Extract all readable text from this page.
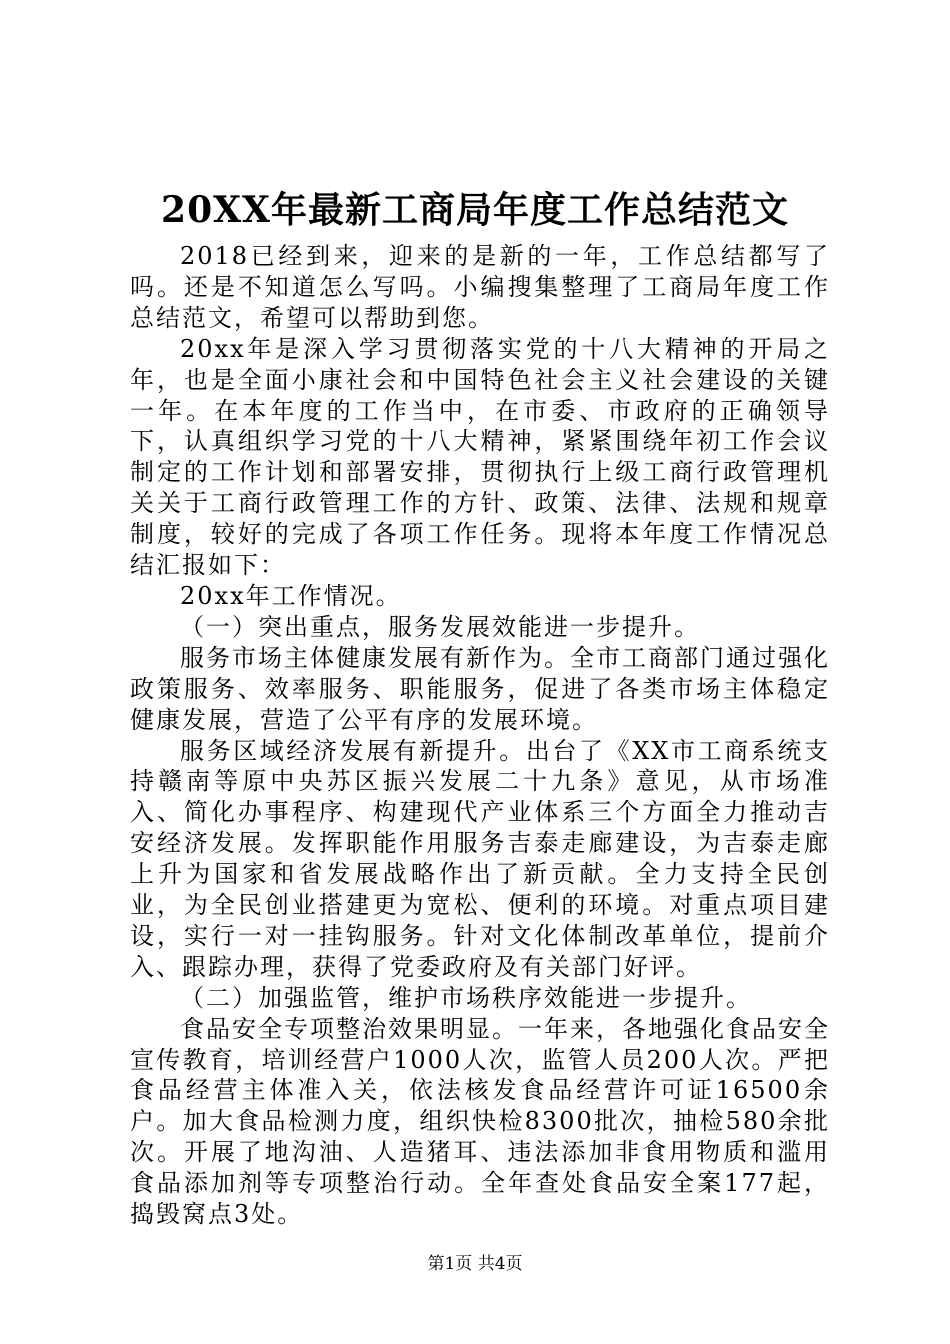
20XX年最新工商局年度工作总结范文

2018已经到来，迎来的是新的一年，工作总结都写了吗。还是不知道怎么写吗。小编搜集整理了工商局年度工作总结范文，希望可以帮助到您。

20xx年是深入学习贯彻落实党的十八大精神的开局之年，也是全面小康社会和中国特色社会主义社会建设的关键一年。在本年度的工作当中，在市委、市政府的正确领导下，认真组织学习党的十八大精神，紧紧围绕年初工作会议制定的工作计划和部署安排，贯彻执行上级工商行政管理机关关于工商行政管理工作的方针、政策、法律、法规和规章制度，较好的完成了各项工作任务。现将本年度工作情况总结汇报如下：

20xx年工作情况。

（一）突出重点，服务发展效能进一步提升。

服务市场主体健康发展有新作为。全市工商部门通过强化政策服务、效率服务、职能服务，促进了各类市场主体稳定健康发展，营造了公平有序的发展环境。

服务区域经济发展有新提升。出台了《XX市工商系统支持赣南等原中央苏区振兴发展二十九条》意见，从市场准入、简化办事程序、构建现代产业体系三个方面全力推动吉安经济发展。发挥职能作用服务吉泰走廊建设，为吉泰走廊上升为国家和省发展战略作出了新贡献。全力支持全民创业，为全民创业搭建更为宽松、便利的环境。对重点项目建设，实行一对一挂钩服务。针对文化体制改革单位，提前介入、跟踪办理，获得了党委政府及有关部门好评。

（二）加强监管，维护市场秩序效能进一步提升。

食品安全专项整治效果明显。一年来，各地强化食品安全宣传教育，培训经营户1000人次，监管人员200人次。严把食品经营主体准入关，依法核发食品经营许可证16500余户。加大食品检测力度，组织快检8300批次，抽检580余批次。开展了地沟油、人造猪耳、违法添加非食用物质和滥用食品添加剂等专项整治行动。全年查处食品安全案177起，捣毁窝点3处。

第1页 共4页
